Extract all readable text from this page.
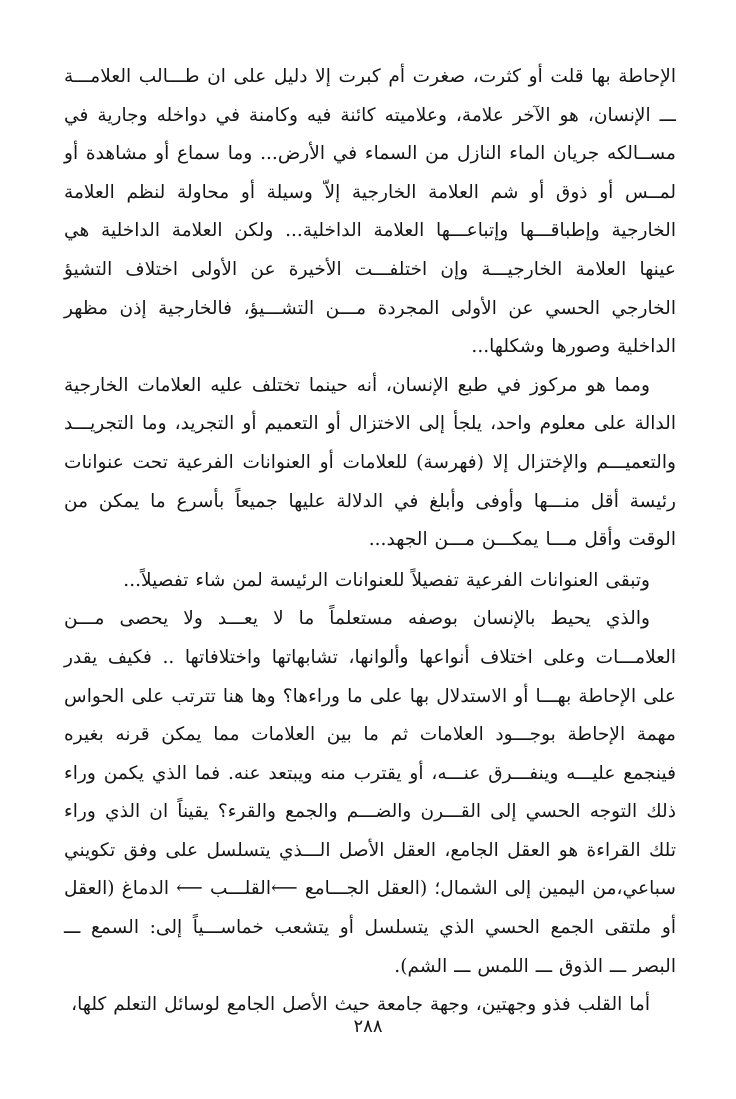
الإحاطة بها قلت أو كثرت، صغرت أم كبرت إلا دليل على ان طـــالب العلامـــة ـــ الإنسان، هو الآخر علامة، وعلاميته كائنة فيه وكامنة في دواخله وجارية في مســالكه جريان الماء النازل من السماء في الأرض... وما سماع أو مشاهدة أو لمــس أو ذوق أو شم العلامة الخارجية إلاّ وسيلة أو محاولة لنظم العلامة الخارجية وإطباقـــها وإتباعـــها العلامة الداخلية... ولكن العلامة الداخلية هي عينها العلامة الخارجيـــة وإن اختلفـــت الأخيرة عن الأولى اختلاف التشيؤ الخارجي الحسي عن الأولى المجردة مـــن التشـــيؤ، فالخارجية إذن مظهر الداخلية وصورها وشكلها...

ومما هو مركوز في طبع الإنسان، أنه حينما تختلف عليه العلامات الخارجية الدالة على معلوم واحد، يلجأ إلى الاختزال أو التعميم أو التجريد، وما التجريـــد والتعميـــم والإختزال إلا (فهرسة) للعلامات أو العنوانات الفرعية تحت عنوانات رئيسة أقل منـــها وأوفى وأبلغ في الدلالة عليها جميعاً بأسرع ما يمكن من الوقت وأقل مـــا يمكـــن مـــن الجهد...

وتبقى العنوانات الفرعية تفصيلاً للعنوانات الرئيسة لمن شاء تفصيلاً...

والذي يحيط بالإنسان بوصفه مستعلماً ما لا يعـــد ولا يحصى مـــن العلامـــات وعلى اختلاف أنواعها وألوانها، تشابهاتها واختلافاتها .. فكيف يقدر على الإحاطة بهـــا أو الاستدلال بها على ما وراءها؟ وها هنا تترتب على الحواس مهمة الإحاطة بوجـــود العلامات ثم ما بين العلامات مما يمكن قرنه بغيره فينجمع عليـــه وينفـــرق عنـــه، أو يقترب منه ويبتعد عنه. فما الذي يكمن وراء ذلك التوجه الحسي إلى القـــرن والضـــم والجمع والقرء؟ يقيناً ان الذي وراء تلك القراءة هو العقل الجامع، العقل الأصل الـــذي يتسلسل على وفق تكويني سباعي،من اليمين إلى الشمال؛ (العقل الجـــامع ⟵القلـــب ⟵ الدماغ (العقل أو ملتقى الجمع الحسي الذي يتسلسل أو يتشعب خماســـياً إلى: السمع ـــ البصر ـــ الذوق ـــ اللمس ـــ الشم).

أما القلب فذو وجهتين، وجهة جامعة حيث الأصل الجامع لوسائل التعلم كلها،

٢٨٨
